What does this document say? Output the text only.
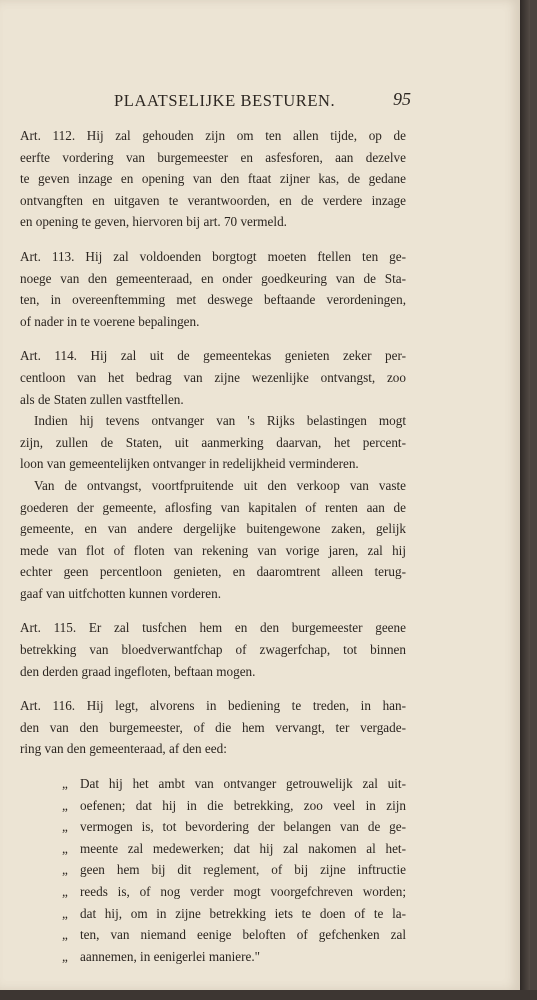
PLAATSELIJKE BESTUREN.	95
Art. 112. Hij zal gehouden zijn om ten allen tijde, op de
eerfte vordering van burgemeester en asfesforen, aan dezelve
te geven inzage en opening van den ftaat zijner kas, de gedane
ontvangften en uitgaven te verantwoorden, en de verdere inzage
en opening te geven, hiervoren bij art. 70 vermeld.
Art. 113. Hij zal voldoenden borgtogt moeten ftellen ten ge-
noege van den gemeenteraad, en onder goedkeuring van de Sta-
ten, in overeenftemming met deswege beftaande verordeningen,
of nader in te voerene bepalingen.
Art. 114. Hij zal uit de gemeentekas genieten zeker per-
centloon van het bedrag van zijne wezenlijke ontvangst, zoo
als de Staten zullen vastftellen.
Indien hij tevens ontvanger van 's Rijks belastingen mogt
zijn, zullen de Staten, uit aanmerking daarvan, het percent-
loon van gemeentelijken ontvanger in redelijkheid verminderen.
Van de ontvangst, voortfpruitende uit den verkoop van vaste
goederen der gemeente, aflosfing van kapitalen of renten aan de
gemeente, en van andere dergelijke buitengewone zaken, gelijk
mede van flot of floten van rekening van vorige jaren, zal hij
echter geen percentloon genieten, en daaromtrent alleen terug-
gaaf van uitfchotten kunnen vorderen.
Art. 115. Er zal tusfchen hem en den burgemeester geene
betrekking van bloedverwantfchap of zwagerfchap, tot binnen
den derden graad ingefloten, beftaan mogen.
Art. 116. Hij legt, alvorens in bediening te treden, in han-
den van den burgemeester, of die hem vervangt, ter vergade-
ring van den gemeenteraad, af den eed:
„ Dat hij het ambt van ontvanger getrouwelijk zal uit-
„ oefenen; dat hij in die betrekking, zoo veel in zijn
„ vermogen is, tot bevordering der belangen van de ge-
„ meente zal medewerken; dat hij zal nakomen al het-
„ geen hem bij dit reglement, of bij zijne inftructie
„ reeds is, of nog verder mogt voorgefchreven worden;
„ dat hij, om in zijne betrekking iets te doen of te la-
„ ten, van niemand eenige beloften of gefchenken zal
„ aannemen, in eenigerlei maniere."
